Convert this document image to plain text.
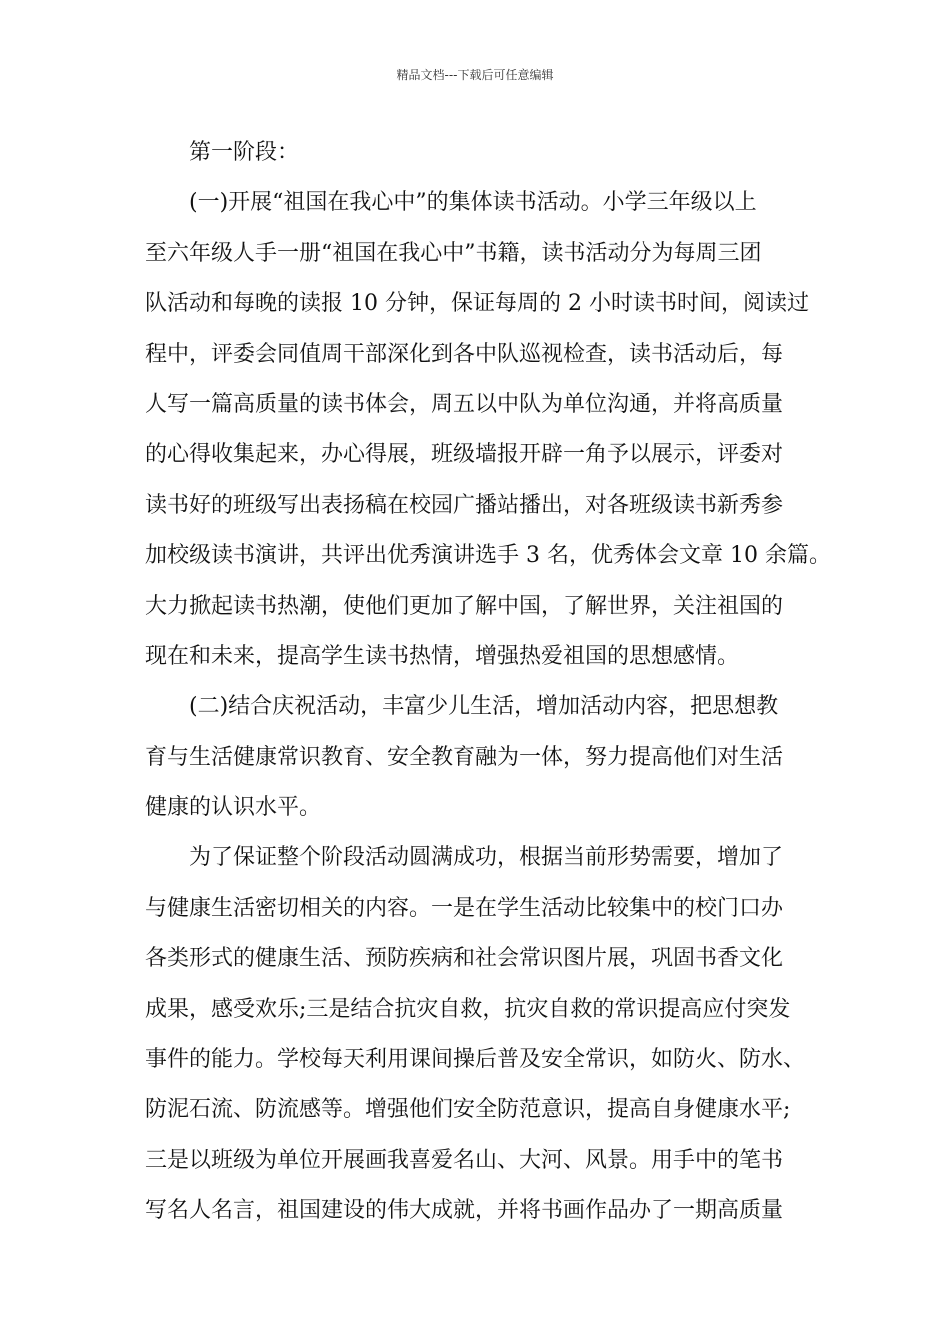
精品文档---下载后可任意编辑
第一阶段：
(一)开展“祖国在我心中”的集体读书活动。小学三年级以上
至六年级人手一册“祖国在我心中”书籍，读书活动分为每周三团
队活动和每晚的读报 10 分钟，保证每周的 2 小时读书时间，阅读过
程中，评委会同值周干部深化到各中队巡视检查，读书活动后，每
人写一篇高质量的读书体会，周五以中队为单位沟通，并将高质量
的心得收集起来，办心得展，班级墙报开辟一角予以展示，评委对
读书好的班级写出表扬稿在校园广播站播出，对各班级读书新秀参
加校级读书演讲，共评出优秀演讲选手 3 名，优秀体会文章 10 余篇。
大力掀起读书热潮，使他们更加了解中国，了解世界，关注祖国的
现在和未来，提高学生读书热情，增强热爱祖国的思想感情。
(二)结合庆祝活动，丰富少儿生活，增加活动内容，把思想教
育与生活健康常识教育、安全教育融为一体，努力提高他们对生活
健康的认识水平。
为了保证整个阶段活动圆满成功，根据当前形势需要，增加了
与健康生活密切相关的内容。一是在学生活动比较集中的校门口办
各类形式的健康生活、预防疾病和社会常识图片展，巩固书香文化
成果，感受欢乐;三是结合抗灾自救，抗灾自救的常识提高应付突发
事件的能力。学校每天利用课间操后普及安全常识，如防火、防水、
防泥石流、防流感等。增强他们安全防范意识，提高自身健康水平;
三是以班级为单位开展画我喜爱名山、大河、风景。用手中的笔书
写名人名言，祖国建设的伟大成就，并将书画作品办了一期高质量
